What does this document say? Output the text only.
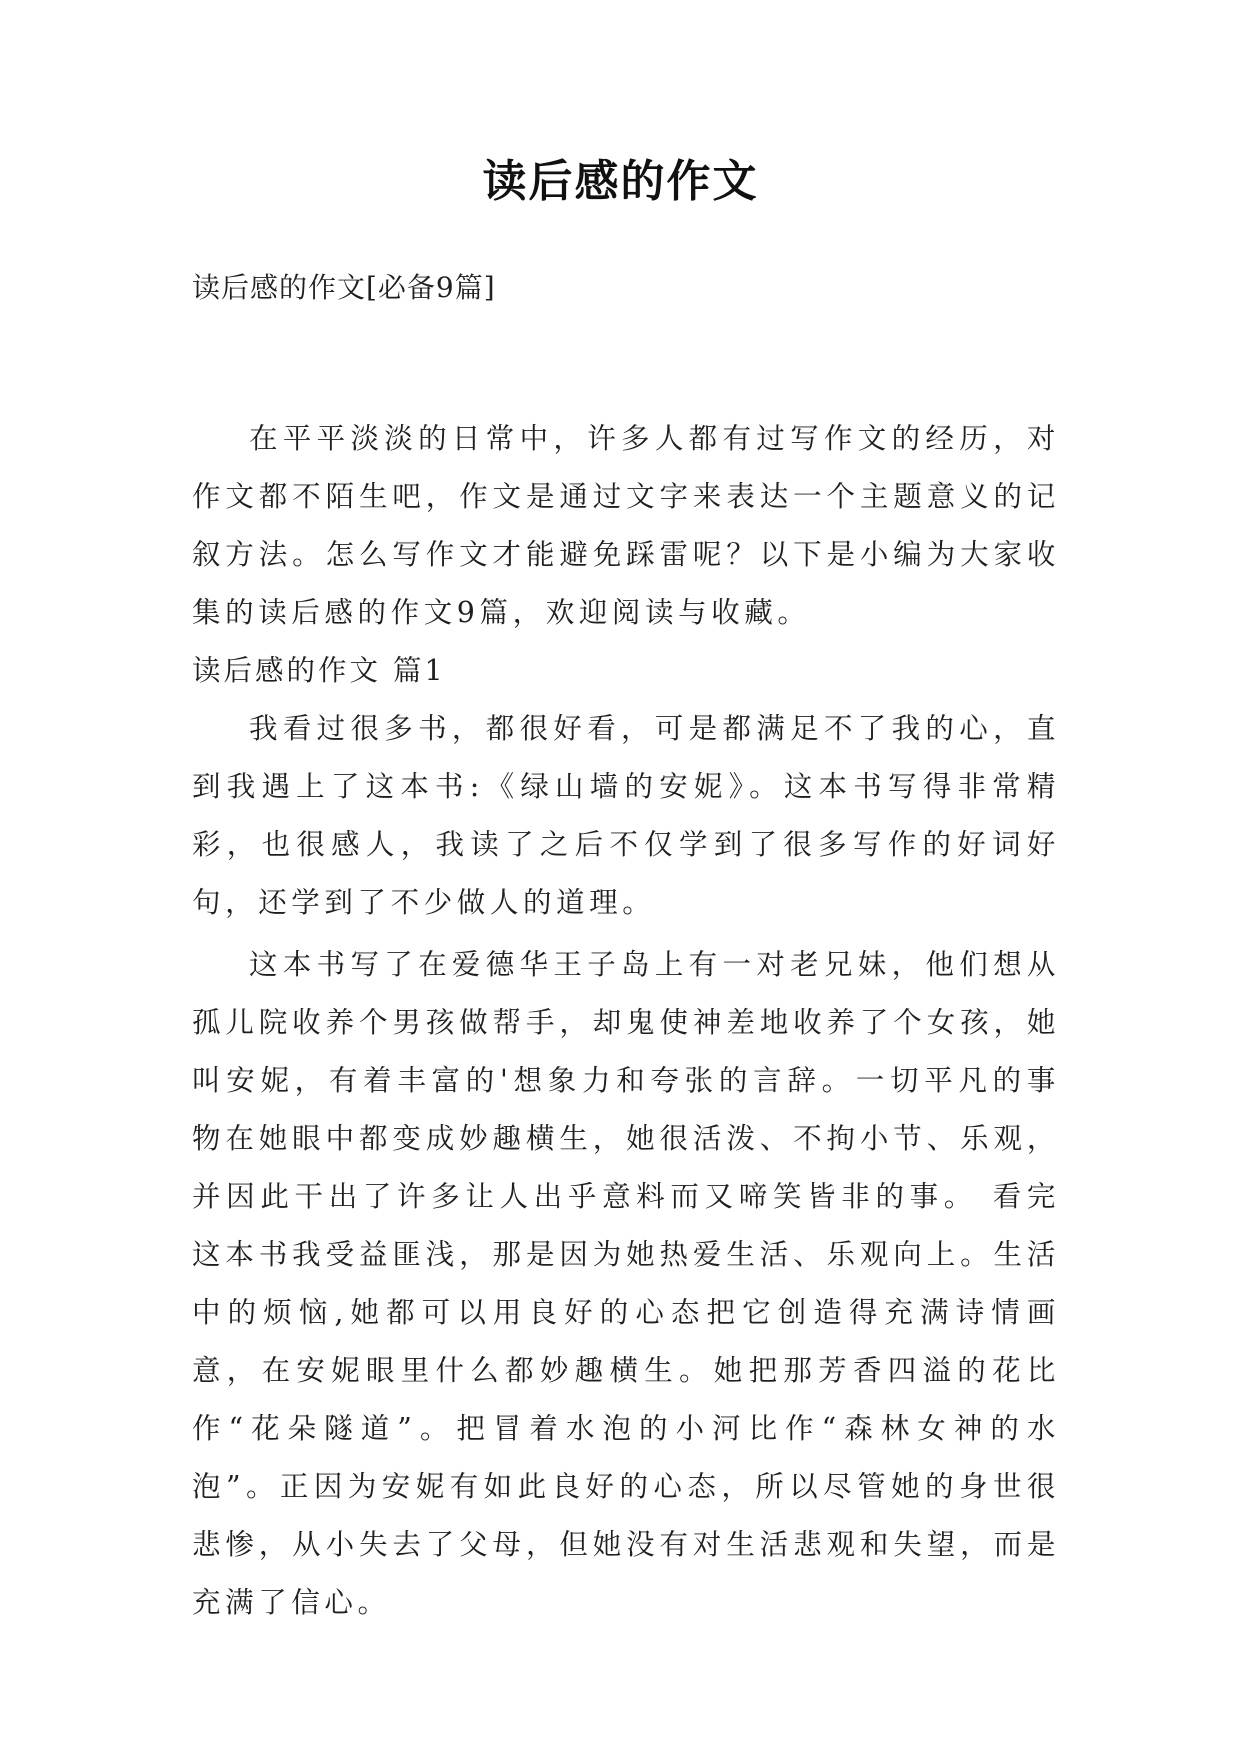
读后感的作文
读后感的作文[必备9篇]

在平平淡淡的日常中，许多人都有过写作文的经历，对作文都不陌生吧，作文是通过文字来表达一个主题意义的记叙方法。怎么写作文才能避免踩雷呢？以下是小编为大家收集的读后感的作文9篇，欢迎阅读与收藏。

读后感的作文 篇1

我看过很多书，都很好看，可是都满足不了我的心，直到我遇上了这本书:《绿山墙的安妮》。这本书写得非常精彩，也很感人，我读了之后不仅学到了很多写作的好词好句，还学到了不少做人的道理。

这本书写了在爱德华王子岛上有一对老兄妹，他们想从孤儿院收养个男孩做帮手，却鬼使神差地收养了个女孩，她叫安妮，有着丰富的'想象力和夸张的言辞。一切平凡的事物在她眼中都变成妙趣横生，她很活泼、不拘小节、乐观，并因此干出了许多让人出乎意料而又啼笑皆非的事。 看完这本书我受益匪浅，那是因为她热爱生活、乐观向上。生活中的烦恼,她都可以用良好的心态把它创造得充满诗情画意，在安妮眼里什么都妙趣横生。她把那芳香四溢的花比作“花朵隧道”。把冒着水泡的小河比作“森林女神的水泡”。正因为安妮有如此良好的心态，所以尽管她的身世很悲惨，从小失去了父母，但她没有对生活悲观和失望，而是充满了信心。
